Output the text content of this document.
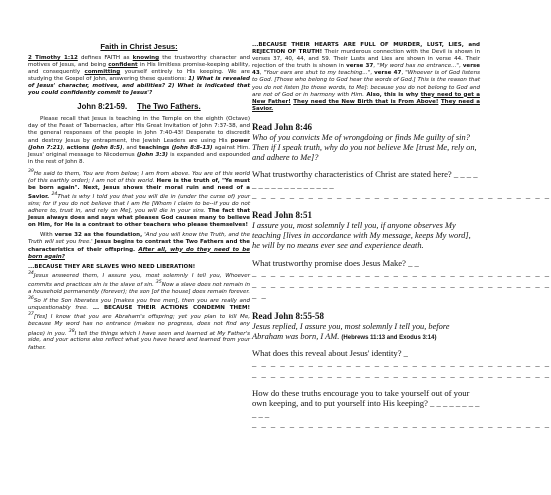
Faith in Christ Jesus:

2 Timothy 1:12 defines FAITH as knowing the trustworthy character and motives of Jesus, and being confident in His limitless promise-keeping ability, and consequently committing yourself entirely to His keeping. We are studying the Gospel of John, answering these questions: 1) What is revealed of Jesus' character, motives, and abilities? 2) What is indicated that you could confidently commit to Jesus'?

John 8:21-59. The Two Fathers.

Please recall that Jesus is teaching in the Temple on the eighth (Octave) day of the Feast of Tabernacles, after His Great Invitation of John 7:37-38, and the general responses of the people in John 7:40-43! Desperate to discredit and destroy Jesus by entrapment, the Jewish Leaders are using His power (John 7:21), actions (John 8:5), and teachings (John 8:8-13) against Him. Jesus' original message to Nicodemus (John 3:3) is expanded and expounded in the rest of John 8.

$^{39}$He said to them, You are from below; I am from above. You are of this world (of this earthly order); I am not of this world. Here is the truth of, "Ye must be born again". Next, Jesus shows their moral ruin and need of a Savior. $^{24}$That is why I told you that you will die in (under the curse of) your sins; for if you do not believe that I am He [Whom I claim to be--if you do not adhere to, trust in, and rely on Me], you will die in your sins. The fact that Jesus always does and says what pleases God causes many to believe on Him, for He is a contrast to other teachers who please themselves!

With verse 32 as the foundation, 'And you will know the Truth, and the Truth will set you free.' Jesus begins to contrast the Two Fathers and the characteristics of their offspring. After all, why do they need to be born again?

...BECAUSE THEY ARE SLAVES WHO NEED LIBERATION!

$^{34}$Jesus answered them, I assure you, most solemnly I tell you, Whoever commits and practices sin is the slave of sin. $^{35}$Now a slave does not remain in a household permanently (forever); the son [of the house] does remain forever. $^{36}$So if the Son liberates you [makes you free men], then you are really and unquestionably free. ... BECAUSE THEIR ACTIONS CONDEMN THEM! $^{37}$[Yes] I know that you are Abraham's offspring; yet you plan to kill Me, because My word has no entrance (makes no progress, does not find any place) in you. $^{38}$I tell the things which I have seen and learned at My Father's side, and your actions also reflect what you have heard and learned from your father.

...BECAUSE THEIR HEARTS ARE FULL OF MURDER, LUST, LIES, and REJECTION OF TRUTH! Their murderous connection with the Devil is shown in verses 37, 40, 44, and 59. Their Lusts and Lies are shown in verse 44. Their rejection of the truth is shown in verse 37, "My word has no entrance...", verse 43, "Your ears are shut to my teaching...", verse 47, "Whoever is of God listens to God. [Those who belong to God hear the words of God.] This is the reason that you do not listen [to those words, to Me]: because you do not belong to God and are not of God or in harmony with Him. Also, this is why they need to get a New Father! They need the New Birth that is From Above! They need a Savior.
Read John 8:46
Who of you convicts Me of wrongdoing or finds Me guilty of sin? Then if I speak truth, why do you not believe Me [trust Me, rely on, and adhere to Me]?
What trustworthy characteristics of Christ are stated here? _ _ _ _ _ _ _ _ _ _ _ _ _ _ _ _ _
_ _ _ _ _ _ _ _ _ _ _ _ _ _ _ _ _ _ _ _ _ _ _ _ _ _ _ _ _ _ _ _
Read John 8:51
I assure you, most solemnly I tell you, if anyone observes My teaching [lives in accordance with My message, keeps My word], he will by no means ever see and experience death.
What trustworthy promise does Jesus Make? _ _
_ _ _ _ _ _ _ _ _ _ _ _ _ _ _ _ _ _ _ _ _ _ _ _ _ _ _ _ _ _ _ _
_ _ _ _ _ _ _ _ _ _ _ _ _ _ _ _ _ _ _ _ _ _ _ _ _ _ _ _ _ _ _ _
_ _
Read John 8:55-58
Jesus replied, I assure you, most solemnly I tell you, before Abraham was born, I AM. (Hebrews 11:13 and Exodus 3:14)
What does this reveal about Jesus' identity? _
_ _ _ _ _ _ _ _ _ _ _ _ _ _ _ _ _ _ _ _ _ _ _ _ _ _ _ _ _ _ _ _
_ _ _ _ _ _ _ _ _ _ _ _ _ _ _ _ _ _ _ _ _ _ _ _ _ _ _ _ _ _ _ _
How do these truths encourage you to take yourself out of your own keeping, and to put yourself into His keeping? _ _ _ _ _ _ _ _ _ _ _
_ _ _ _ _ _ _ _ _ _ _ _ _ _ _ _ _ _ _ _ _ _ _ _ _ _ _ _ _ _ _ _
